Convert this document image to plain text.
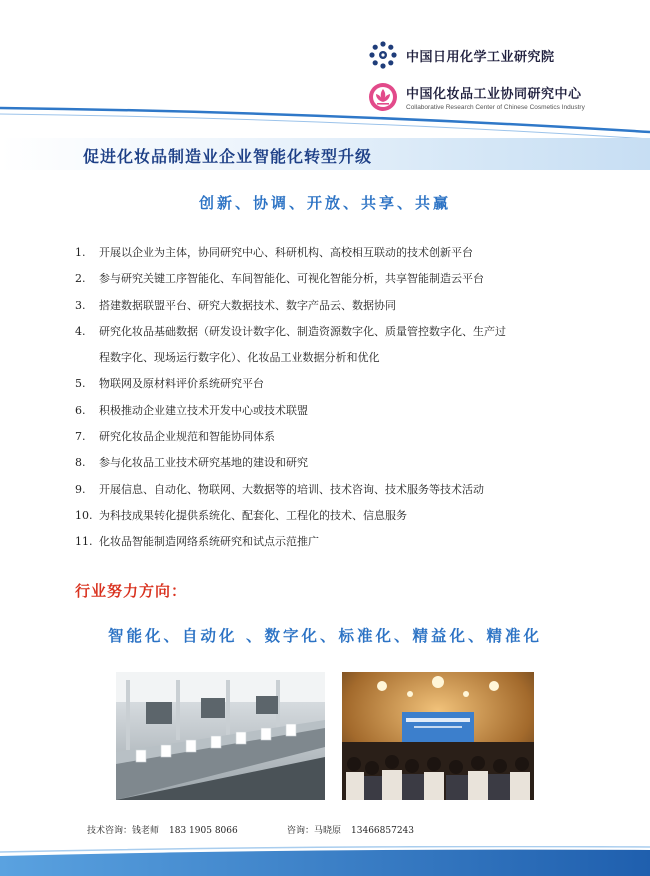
中国日用化学工业研究院
中国化妆品工业协同研究中心
Collaborative Research Center of Chinese Cosmetics Industry
促进化妆品制造业企业智能化转型升级
创新、协调、开放、共享、共赢
1.	开展以企业为主体，协同研究中心、科研机构、高校相互联动的技术创新平台
2.	参与研究关键工序智能化、车间智能化、可视化智能分析，共享智能制造云平台
3.	搭建数据联盟平台、研究大数据技术、数字产品云、数据协同
4.	研究化妆品基础数据（研发设计数字化、制造资源数字化、质量管控数字化、生产过
程数字化、现场运行数字化）、化妆品工业数据分析和优化
5.	物联网及原材料评价系统研究平台
6.	积极推动企业建立技术开发中心或技术联盟
7.	研究化妆品企业规范和智能协同体系
8.	参与化妆品工业技术研究基地的建设和研究
9.	开展信息、自动化、物联网、大数据等的培训、技术咨询、技术服务等技术活动
10. 为科技成果转化提供系统化、配套化、工程化的技术、信息服务
11. 化妆品智能制造网络系统研究和试点示范推广
行业努力方向：
智能化、自动化 、数字化、标准化、精益化、精准化
技术咨询：钱老师 183 1905 8066	咨询：马晓原 13466857243
